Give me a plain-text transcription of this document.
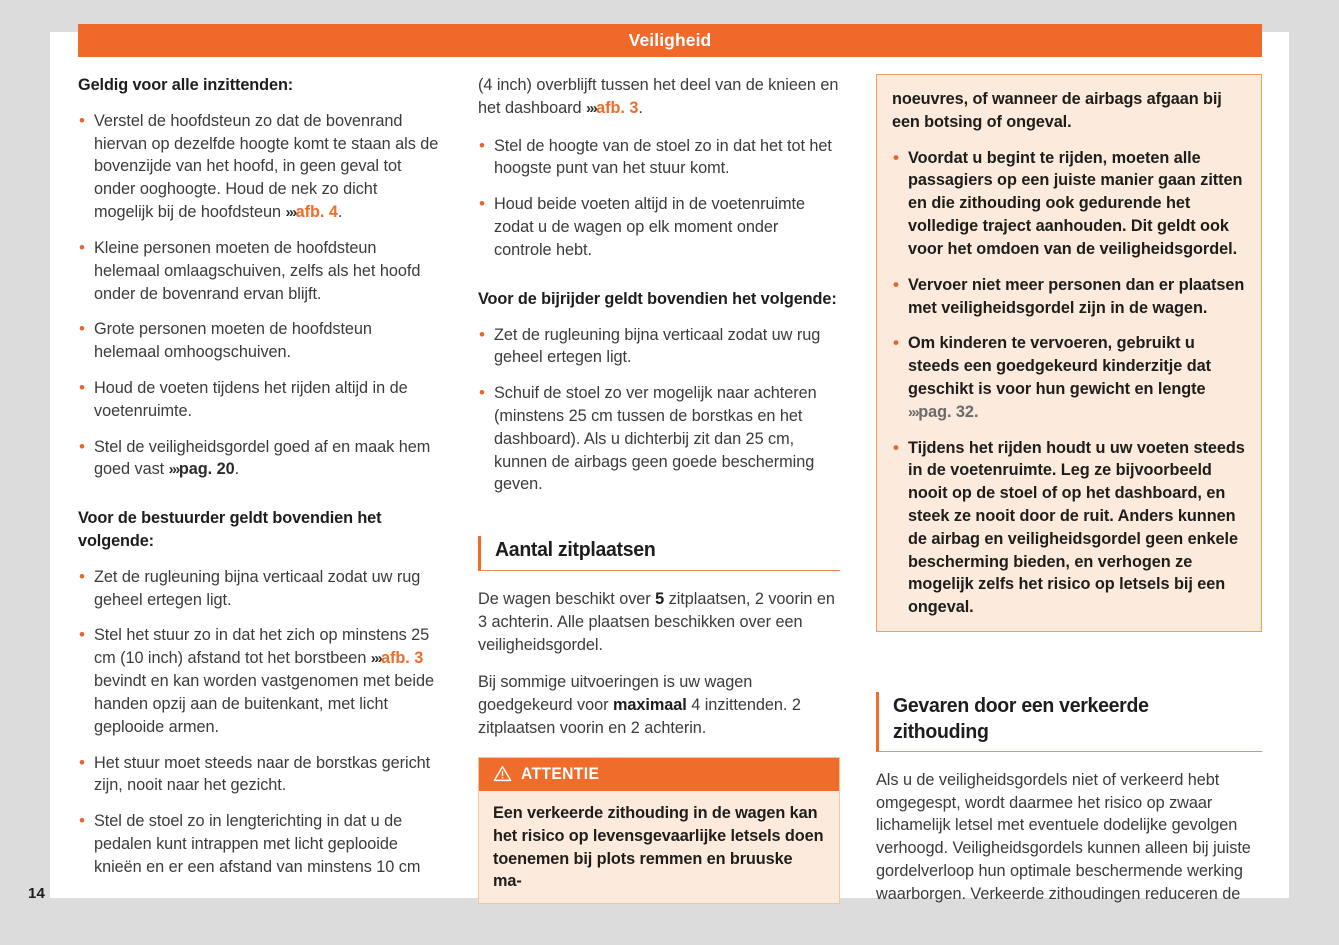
14
Veiligheid

Geldig voor alle inzittenden:

• Verstel de hoofdsteun zo dat de bovenrand hiervan op dezelfde hoogte komt te staan als de bovenzijde van het hoofd, in geen geval tot onder ooghoogte. Houd de nek zo dicht mogelijk bij de hoofdsteun ›››afb. 4.

• Kleine personen moeten de hoofdsteun helemaal omlaagschuiven, zelfs als het hoofd onder de bovenrand ervan blijft.

• Grote personen moeten de hoofdsteun helemaal omhoogschuiven.

• Houd de voeten tijdens het rijden altijd in de voetenruimte.

• Stel de veiligheidsgordel goed af en maak hem goed vast ›››pag. 20.

Voor de bestuurder geldt bovendien het volgende:

• Zet de rugleuning bijna verticaal zodat uw rug geheel ertegen ligt.

• Stel het stuur zo in dat het zich op minstens 25 cm (10 inch) afstand tot het borstbeen ›››afb. 3 bevindt en kan worden vastgenomen met beide handen opzij aan de buitenkant, met licht geplooide armen.

• Het stuur moet steeds naar de borstkas gericht zijn, nooit naar het gezicht.

• Stel de stoel zo in lengterichting in dat u de pedalen kunt intrappen met licht geplooide knieën en er een afstand van minstens 10 cm

(4 inch) overblijft tussen het deel van de knieen en het dashboard ›››afb. 3.

• Stel de hoogte van de stoel zo in dat het tot het hoogste punt van het stuur komt.

• Houd beide voeten altijd in de voetenruimte zodat u de wagen op elk moment onder controle hebt.

Voor de bijrijder geldt bovendien het volgende:

• Zet de rugleuning bijna verticaal zodat uw rug geheel ertegen ligt.

• Schuif de stoel zo ver mogelijk naar achteren (minstens 25 cm tussen de borstkas en het dashboard). Als u dichterbij zit dan 25 cm, kunnen de airbags geen goede bescherming geven.

Aantal zitplaatsen

De wagen beschikt over 5 zitplaatsen, 2 voorin en 3 achterin. Alle plaatsen beschikken over een veiligheidsgordel.

Bij sommige uitvoeringen is uw wagen goedgekeurd voor maximaal 4 inzittenden. 2 zitplaatsen voorin en 2 achterin.

ATTENTIE

Een verkeerde zithouding in de wagen kan het risico op levensgevaarlijke letsels doen toenemen bij plots remmen en bruuske ma-

noeuvres, of wanneer de airbags afgaan bij een botsing of ongeval.

• Voordat u begint te rijden, moeten alle passagiers op een juiste manier gaan zitten en die zithouding ook gedurende het volledige traject aanhouden. Dit geldt ook voor het omdoen van de veiligheidsgordel.

• Vervoer niet meer personen dan er plaatsen met veiligheidsgordel zijn in de wagen.

• Om kinderen te vervoeren, gebruikt u steeds een goedgekeurd kinderzitje dat geschikt is voor hun gewicht en lengte ›››pag. 32.

• Tijdens het rijden houdt u uw voeten steeds in de voetenruimte. Leg ze bijvoorbeeld nooit op de stoel of op het dashboard, en steek ze nooit door de ruit. Anders kunnen de airbag en veiligheidsgordel geen enkele bescherming bieden, en verhogen ze mogelijk zelfs het risico op letsels bij een ongeval.

Gevaren door een verkeerde zithouding

Als u de veiligheidsgordels niet of verkeerd hebt omgegespt, wordt daarmee het risico op zwaar lichamelijk letsel met eventuele dodelijke gevolgen verhoogd. Veiligheidsgordels kunnen alleen bij juiste gordelverloop hun optimale beschermende werking waarborgen. Verkeerde zithoudingen reduceren de
